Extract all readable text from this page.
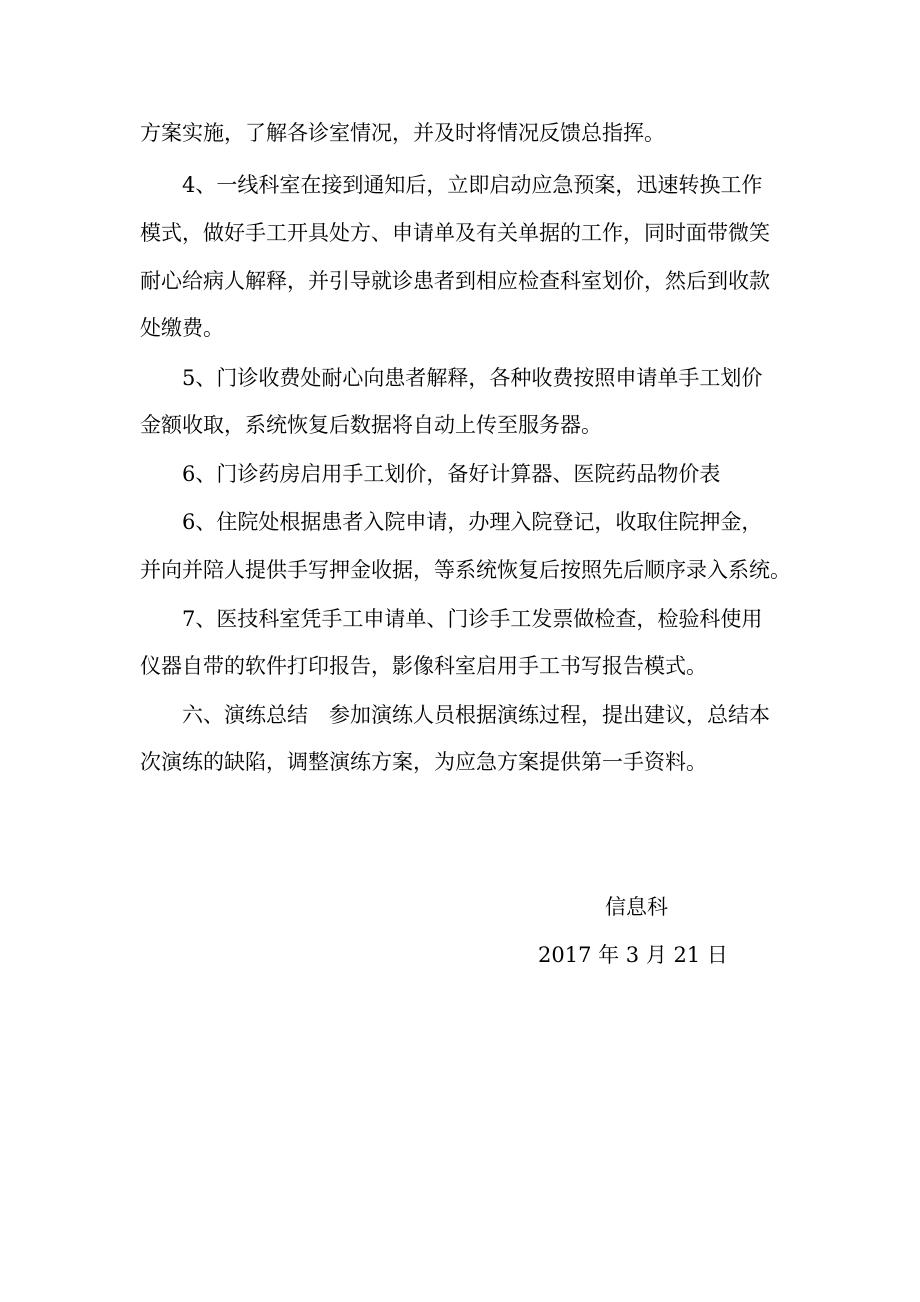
方案实施，了解各诊室情况，并及时将情况反馈总指挥。
4、一线科室在接到通知后，立即启动应急预案，迅速转换工作
模式，做好手工开具处方、申请单及有关单据的工作，同时面带微笑
耐心给病人解释，并引导就诊患者到相应检查科室划价，然后到收款
处缴费。
5、门诊收费处耐心向患者解释，各种收费按照申请单手工划价
金额收取，系统恢复后数据将自动上传至服务器。
6、门诊药房启用手工划价，备好计算器、医院药品物价表
6、住院处根据患者入院申请，办理入院登记，收取住院押金，
并向并陪人提供手写押金收据，等系统恢复后按照先后顺序录入系统。
7、医技科室凭手工申请单、门诊手工发票做检查，检验科使用
仪器自带的软件打印报告，影像科室启用手工书写报告模式。
六、演练总结　参加演练人员根据演练过程，提出建议，总结本
次演练的缺陷，调整演练方案，为应急方案提供第一手资料。
信息科
2017 年 3 月 21 日
